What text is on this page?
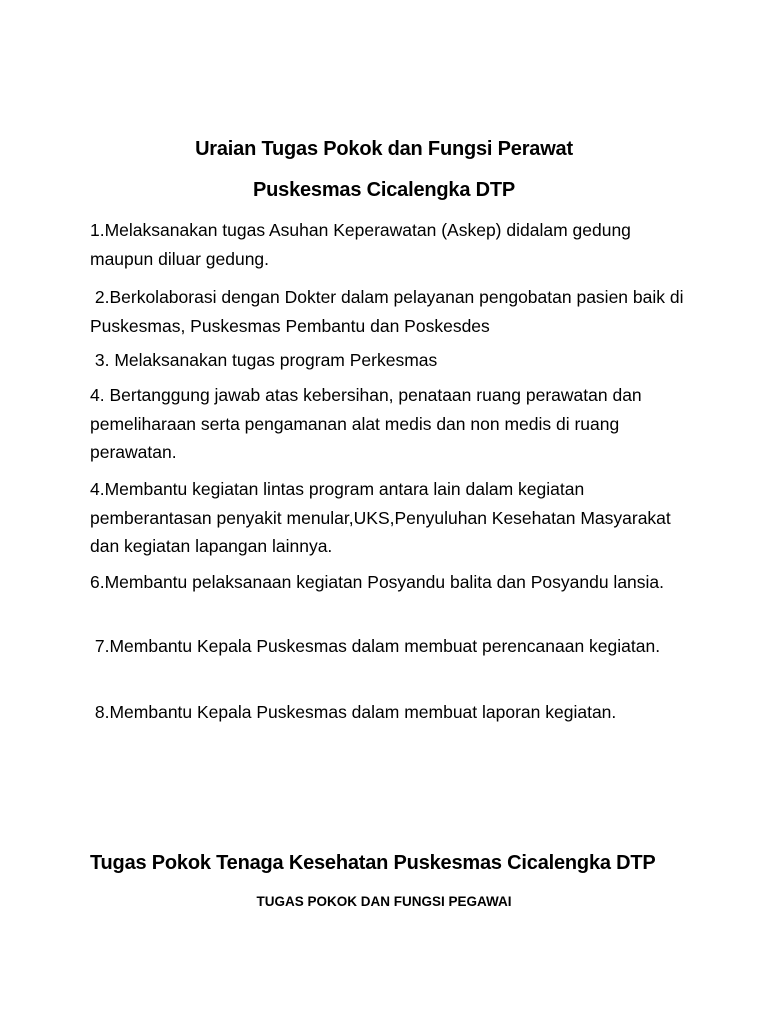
Uraian Tugas Pokok dan Fungsi Perawat
Puskesmas Cicalengka DTP
1.Melaksanakan tugas Asuhan Keperawatan (Askep) didalam gedung maupun diluar gedung.
2.Berkolaborasi dengan Dokter dalam pelayanan pengobatan pasien baik di Puskesmas, Puskesmas Pembantu dan Poskesdes
3. Melaksanakan tugas program Perkesmas
4. Bertanggung jawab atas kebersihan, penataan ruang perawatan dan pemeliharaan serta pengamanan alat medis dan non medis di ruang perawatan.
4.Membantu kegiatan lintas program antara lain dalam kegiatan pemberantasan penyakit menular,UKS,Penyuluhan Kesehatan Masyarakat dan kegiatan lapangan lainnya.
6.Membantu pelaksanaan kegiatan Posyandu balita dan Posyandu lansia.
7.Membantu Kepala Puskesmas dalam membuat perencanaan kegiatan.
8.Membantu Kepala Puskesmas dalam membuat laporan kegiatan.
Tugas Pokok Tenaga Kesehatan Puskesmas Cicalengka DTP
TUGAS POKOK DAN FUNGSI PEGAWAI
